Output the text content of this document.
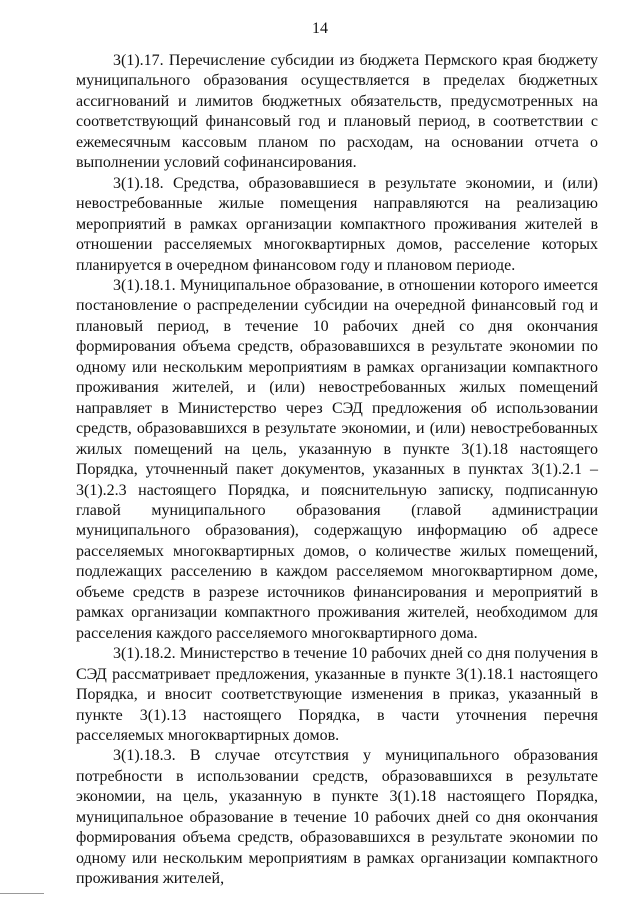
14

3(1).17. Перечисление субсидии из бюджета Пермского края бюджету муниципального образования осуществляется в пределах бюджетных ассигнований и лимитов бюджетных обязательств, предусмотренных на соответствующий финансовый год и плановый период, в соответствии с ежемесячным кассовым планом по расходам, на основании отчета о выполнении условий софинансирования.

3(1).18. Средства, образовавшиеся в результате экономии, и (или) невостребованные жилые помещения направляются на реализацию мероприятий в рамках организации компактного проживания жителей в отношении расселяемых многоквартирных домов, расселение которых планируется в очередном финансовом году и плановом периоде.

3(1).18.1. Муниципальное образование, в отношении которого имеется постановление о распределении субсидии на очередной финансовый год и плановый период, в течение 10 рабочих дней со дня окончания формирования объема средств, образовавшихся в результате экономии по одному или нескольким мероприятиям в рамках организации компактного проживания жителей, и (или) невостребованных жилых помещений направляет в Министерство через СЭД предложения об использовании средств, образовавшихся в результате экономии, и (или) невостребованных жилых помещений на цель, указанную в пункте 3(1).18 настоящего Порядка, уточненный пакет документов, указанных в пунктах 3(1).2.1 – 3(1).2.3 настоящего Порядка, и пояснительную записку, подписанную главой муниципального образования (главой администрации муниципального образования), содержащую информацию об адресе расселяемых многоквартирных домов, о количестве жилых помещений, подлежащих расселению в каждом расселяемом многоквартирном доме, объеме средств в разрезе источников финансирования и мероприятий в рамках организации компактного проживания жителей, необходимом для расселения каждого расселяемого многоквартирного дома.

3(1).18.2. Министерство в течение 10 рабочих дней со дня получения в СЭД рассматривает предложения, указанные в пункте 3(1).18.1 настоящего Порядка, и вносит соответствующие изменения в приказ, указанный в пункте 3(1).13 настоящего Порядка, в части уточнения перечня расселяемых многоквартирных домов.

3(1).18.3. В случае отсутствия у муниципального образования потребности в использовании средств, образовавшихся в результате экономии, на цель, указанную в пункте 3(1).18 настоящего Порядка, муниципальное образование в течение 10 рабочих дней со дня окончания формирования объема средств, образовавшихся в результате экономии по одному или нескольким мероприятиям в рамках организации компактного проживания жителей,
